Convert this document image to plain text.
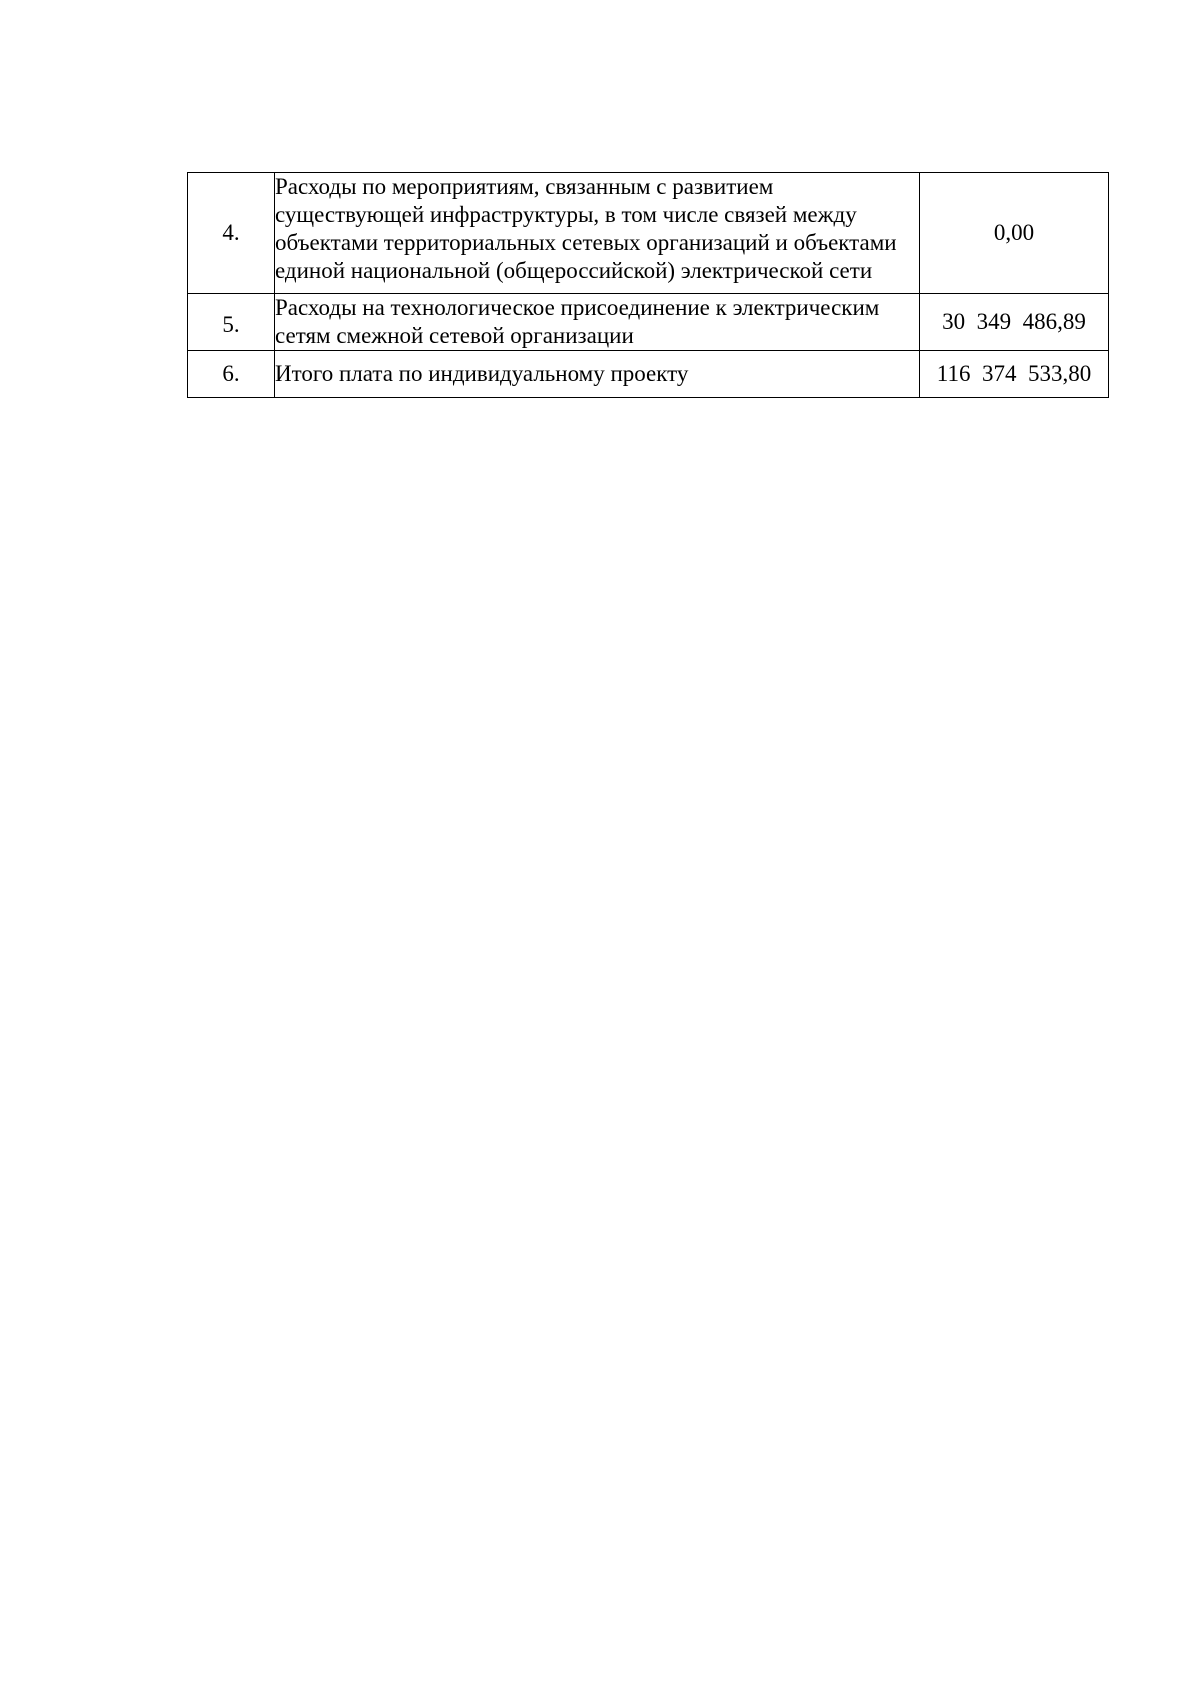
4.	Расходы по мероприятиям, связанным с развитием существующей инфраструктуры, в том числе связей между объектами территориальных сетевых организаций и объектами единой национальной (общероссийской) электрической сети	0,00
5.	Расходы на технологическое присоединение к электрическим сетям смежной сетевой организации	30  349  486,89
6.	Итого плата по индивидуальному проекту	116  374  533,80
